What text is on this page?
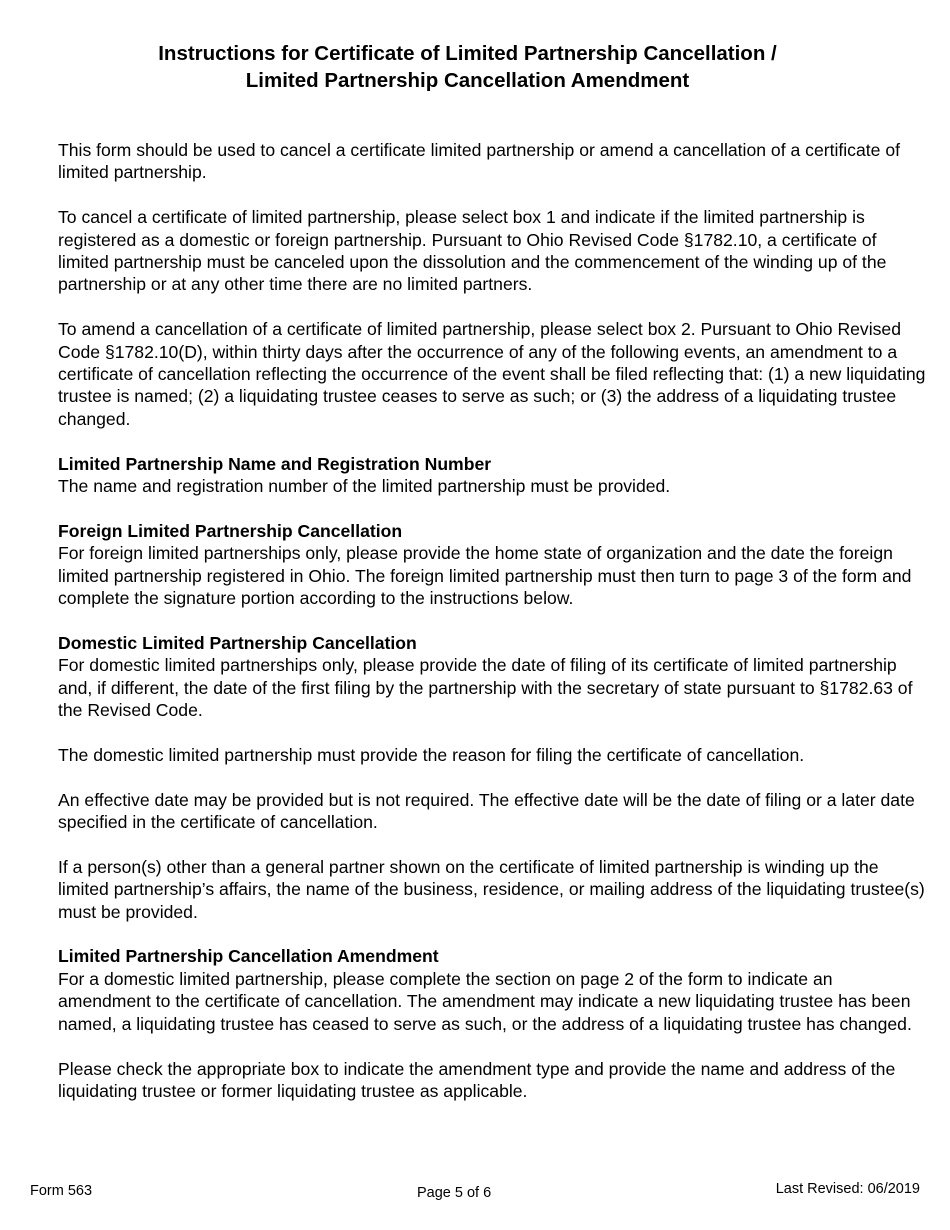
Instructions for Certificate of Limited Partnership Cancellation /
Limited Partnership Cancellation Amendment

This form should be used to cancel a certificate limited partnership or amend a cancellation of a certificate of limited partnership.

To cancel a certificate of limited partnership, please select box 1 and indicate if the limited partnership is registered as a domestic or foreign partnership. Pursuant to Ohio Revised Code §1782.10, a certificate of limited partnership must be canceled upon the dissolution and the commencement of the winding up of the partnership or at any other time there are no limited partners.

To amend a cancellation of a certificate of limited partnership, please select box 2. Pursuant to Ohio Revised Code §1782.10(D), within thirty days after the occurrence of any of the following events, an amendment to a certificate of cancellation reflecting the occurrence of the event shall be filed reflecting that: (1) a new liquidating trustee is named; (2) a liquidating trustee ceases to serve as such; or (3) the address of a liquidating trustee changed.

Limited Partnership Name and Registration Number
The name and registration number of the limited partnership must be provided.

Foreign Limited Partnership Cancellation
For foreign limited partnerships only, please provide the home state of organization and the date the foreign limited partnership registered in Ohio. The foreign limited partnership must then turn to page 3 of the form and complete the signature portion according to the instructions below.

Domestic Limited Partnership Cancellation
For domestic limited partnerships only, please provide the date of filing of its certificate of limited partnership and, if different, the date of the first filing by the partnership with the secretary of state pursuant to §1782.63 of the Revised Code.

The domestic limited partnership must provide the reason for filing the certificate of cancellation.

An effective date may be provided but is not required. The effective date will be the date of filing or a later date specified in the certificate of cancellation.

If a person(s) other than a general partner shown on the certificate of limited partnership is winding up the limited partnership’s affairs, the name of the business, residence, or mailing address of the liquidating trustee(s) must be provided.

Limited Partnership Cancellation Amendment
For a domestic limited partnership, please complete the section on page 2 of the form to indicate an amendment to the certificate of cancellation. The amendment may indicate a new liquidating trustee has been named, a liquidating trustee has ceased to serve as such, or the address of a liquidating trustee has changed.

Please check the appropriate box to indicate the amendment type and provide the name and address of the liquidating trustee or former liquidating trustee as applicable.

Form 563	Page 5 of 6	Last Revised: 06/2019
